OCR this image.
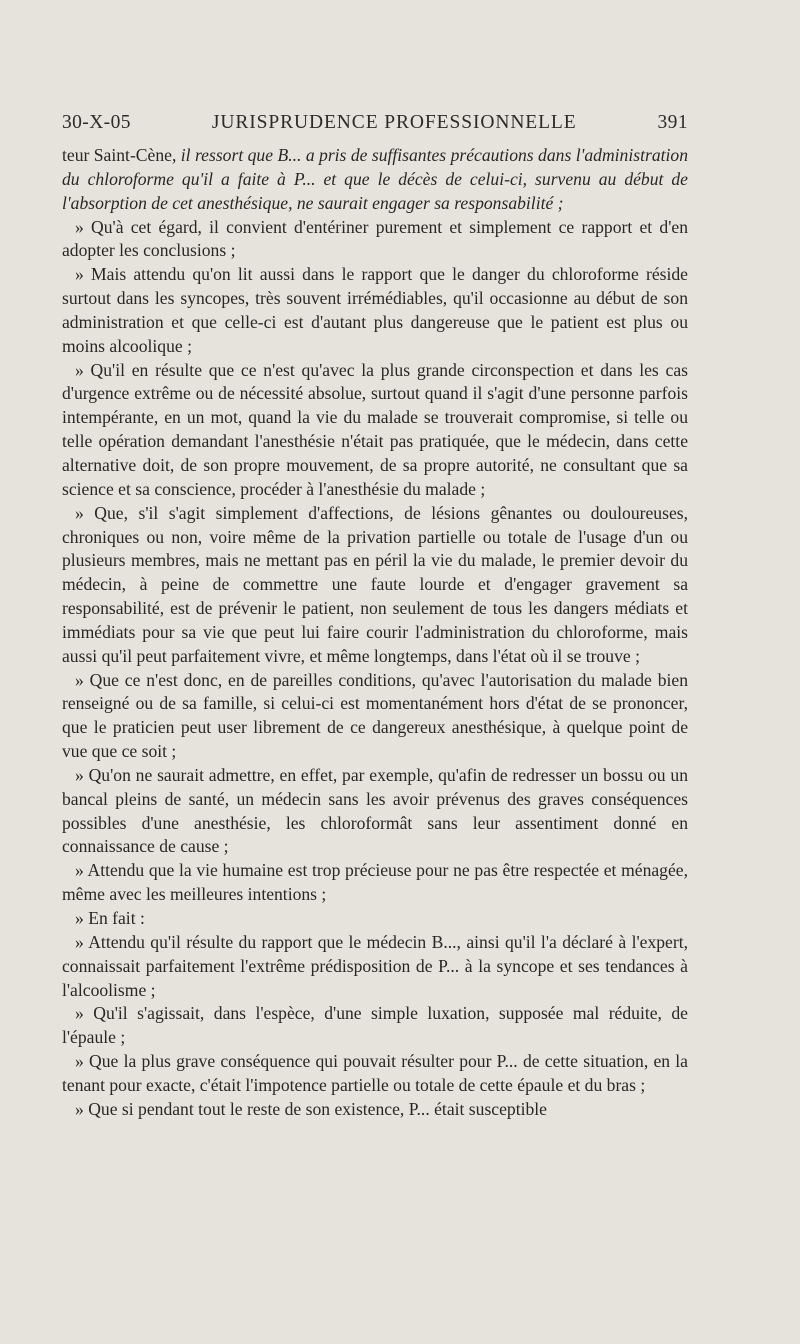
30-X-05	JURISPRUDENCE PROFESSIONNELLE	391

teur Saint-Cène, il ressort que B... a pris de suffisantes précautions dans l'administration du chloroforme qu'il a faite à P... et que le décès de celui-ci, survenu au début de l'absorption de cet anesthésique, ne saurait engager sa responsabilité ;

» Qu'à cet égard, il convient d'entériner purement et simplement ce rapport et d'en adopter les conclusions ;

» Mais attendu qu'on lit aussi dans le rapport que le danger du chloroforme réside surtout dans les syncopes, très souvent irrémédiables, qu'il occasionne au début de son administration et que celle-ci est d'autant plus dangereuse que le patient est plus ou moins alcoolique ;

» Qu'il en résulte que ce n'est qu'avec la plus grande circonspection et dans les cas d'urgence extrême ou de nécessité absolue, surtout quand il s'agit d'une personne parfois intempérante, en un mot, quand la vie du malade se trouverait compromise, si telle ou telle opération demandant l'anesthésie n'était pas pratiquée, que le médecin, dans cette alternative doit, de son propre mouvement, de sa propre autorité, ne consultant que sa science et sa conscience, procéder à l'anesthésie du malade ;

» Que, s'il s'agit simplement d'affections, de lésions gênantes ou douloureuses, chroniques ou non, voire même de la privation partielle ou totale de l'usage d'un ou plusieurs membres, mais ne mettant pas en péril la vie du malade, le premier devoir du médecin, à peine de commettre une faute lourde et d'engager gravement sa responsabilité, est de prévenir le patient, non seulement de tous les dangers médiats et immédiats pour sa vie que peut lui faire courir l'administration du chloroforme, mais aussi qu'il peut parfaitement vivre, et même longtemps, dans l'état où il se trouve ;

» Que ce n'est donc, en de pareilles conditions, qu'avec l'autorisation du malade bien renseigné ou de sa famille, si celui-ci est momentanément hors d'état de se prononcer, que le praticien peut user librement de ce dangereux anesthésique, à quelque point de vue que ce soit ;

» Qu'on ne saurait admettre, en effet, par exemple, qu'afin de redresser un bossu ou un bancal pleins de santé, un médecin sans les avoir prévenus des graves conséquences possibles d'une anesthésie, les chloroformât sans leur assentiment donné en connaissance de cause ;

» Attendu que la vie humaine est trop précieuse pour ne pas être respectée et ménagée, même avec les meilleures intentions ;

» En fait :

» Attendu qu'il résulte du rapport que le médecin B..., ainsi qu'il l'a déclaré à l'expert, connaissait parfaitement l'extrême prédisposition de P... à la syncope et ses tendances à l'alcoolisme ;

» Qu'il s'agissait, dans l'espèce, d'une simple luxation, supposée mal réduite, de l'épaule ;

» Que la plus grave conséquence qui pouvait résulter pour P... de cette situation, en la tenant pour exacte, c'était l'impotence partielle ou totale de cette épaule et du bras ;

» Que si pendant tout le reste de son existence, P... était susceptible
